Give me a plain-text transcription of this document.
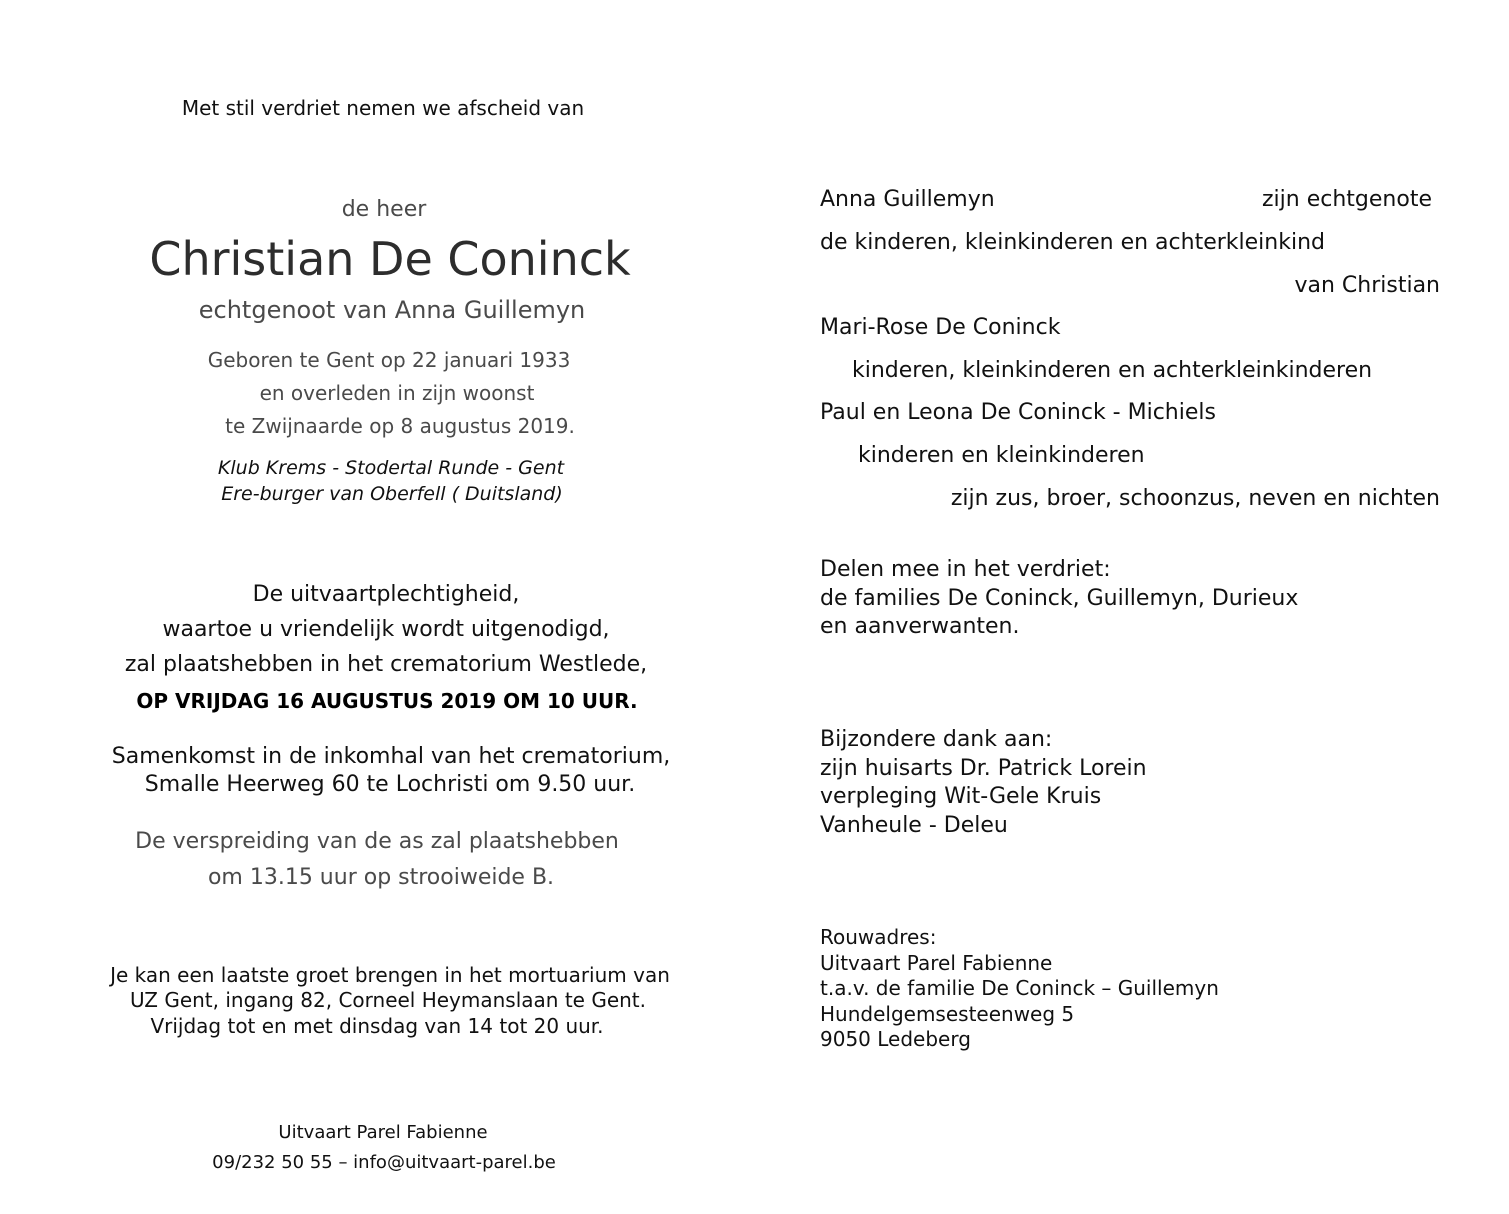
Met stil verdriet nemen we afscheid van
de heer
Christian De Coninck
echtgenoot van Anna Guillemyn
Geboren te Gent op 22 januari 1933
en overleden in zijn woonst
te Zwijnaarde op 8 augustus 2019.
Klub Krems - Stodertal Runde - Gent
Ere-burger van Oberfell ( Duitsland)
De uitvaartplechtigheid,
waartoe u vriendelijk wordt uitgenodigd,
zal plaatshebben in het crematorium Westlede,
OP VRIJDAG 16 AUGUSTUS 2019 OM 10 UUR.
Samenkomst in de inkomhal van het crematorium,
Smalle Heerweg 60 te Lochristi om 9.50 uur.
De verspreiding van de as zal plaatshebben
om 13.15 uur op strooiweide B.
Je kan een laatste groet brengen in het mortuarium van
UZ Gent, ingang 82, Corneel Heymanslaan te Gent.
Vrijdag tot en met dinsdag van 14 tot 20 uur.
Uitvaart Parel Fabienne
09/232 50 55 – info@uitvaart-parel.be
Anna Guillemyn	zijn echtgenote
de kinderen, kleinkinderen en achterkleinkind
van Christian
Mari-Rose De Coninck
kinderen, kleinkinderen en achterkleinkinderen
Paul en Leona De Coninck - Michiels
kinderen en kleinkinderen
zijn zus, broer, schoonzus, neven en nichten
Delen mee in het verdriet:
de families De Coninck, Guillemyn, Durieux
en aanverwanten.
Bijzondere dank aan:
zijn huisarts Dr. Patrick Lorein
verpleging Wit-Gele Kruis
Vanheule - Deleu
Rouwadres:
Uitvaart Parel Fabienne
t.a.v. de familie De Coninck – Guillemyn
Hundelgemsesteenweg 5
9050 Ledeberg
